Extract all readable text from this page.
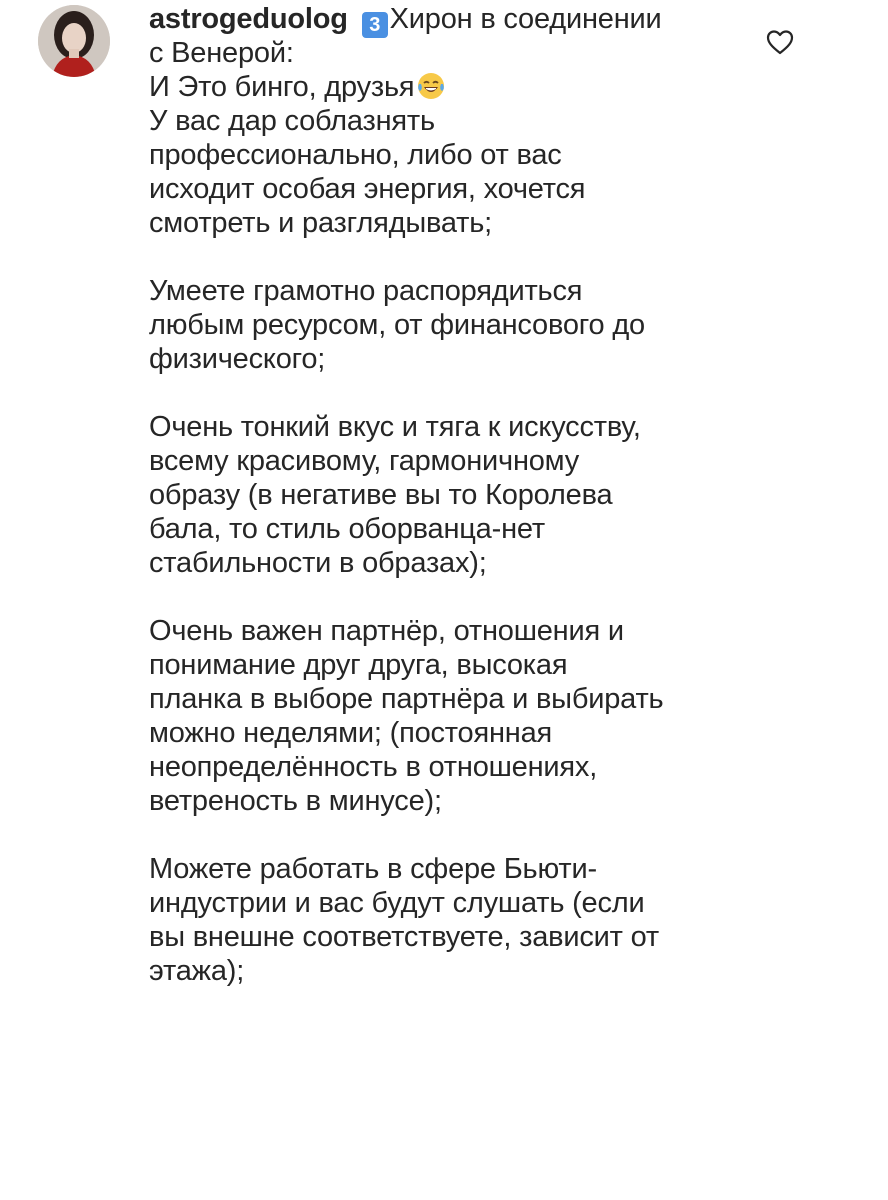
astrogeduolog 3 Хирон в соединении
с Венерой:
И Это бинго, друзья
У вас дар соблазнять
профессионально, либо от вас
исходит особая энергия, хочется
смотреть и разглядывать;
Умеете грамотно распорядиться
любым ресурсом, от финансового до
физического;
Очень тонкий вкус и тяга к искусству,
всему красивому, гармоничному
образу (в негативе вы то Королева
бала, то стиль оборванца-нет
стабильности в образах);
Очень важен партнёр, отношения и
понимание друг друга, высокая
планка в выборе партнёра и выбирать
можно неделями; (постоянная
неопределённость в отношениях,
ветреность в минусе);
Можете работать в сфере Бьюти-
индустрии и вас будут слушать (если
вы внешне соответствуете, зависит от
этажа);
